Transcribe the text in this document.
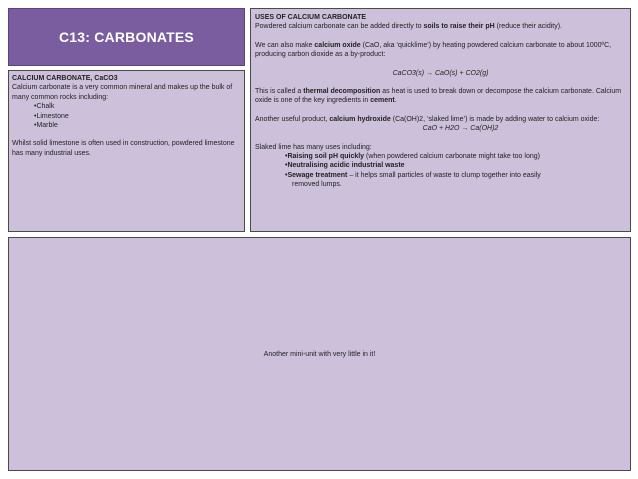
C13: CARBONATES

CALCIUM CARBONATE, CaCO3

Calcium carbonate is a very common mineral and makes up the bulk of many common rocks including:

•Chalk

•Limestone

•Marble

Whilst solid limestone is often used in construction, powdered limestone has many industrial uses.

USES OF CALCIUM CARBONATE

Powdered calcium carbonate can be added directly to soils to raise their pH (reduce their acidity).

We can also make calcium oxide (CaO, aka ‘quicklime’) by heating powdered calcium carbonate to about 1000ºC, producing carbon dioxide as a by-product:

CaCO3(s) → CaO(s) + CO2(g)

This is called a thermal decomposition as heat is used to break down or decompose the calcium carbonate. Calcium oxide is one of the key ingredients in cement.

Another useful product, calcium hydroxide (Ca(OH)2, ‘slaked lime’) is made by adding water to calcium oxide:

CaO + H2O → Ca(OH)2

Slaked lime has many uses including:

•Raising soil pH quickly (when powdered calcium carbonate might take too long)

•Neutralising acidic industrial waste

•Sewage treatment – it helps small particles of waste to clump together into easily

removed lumps.

Another mini-unit with very little in it!
